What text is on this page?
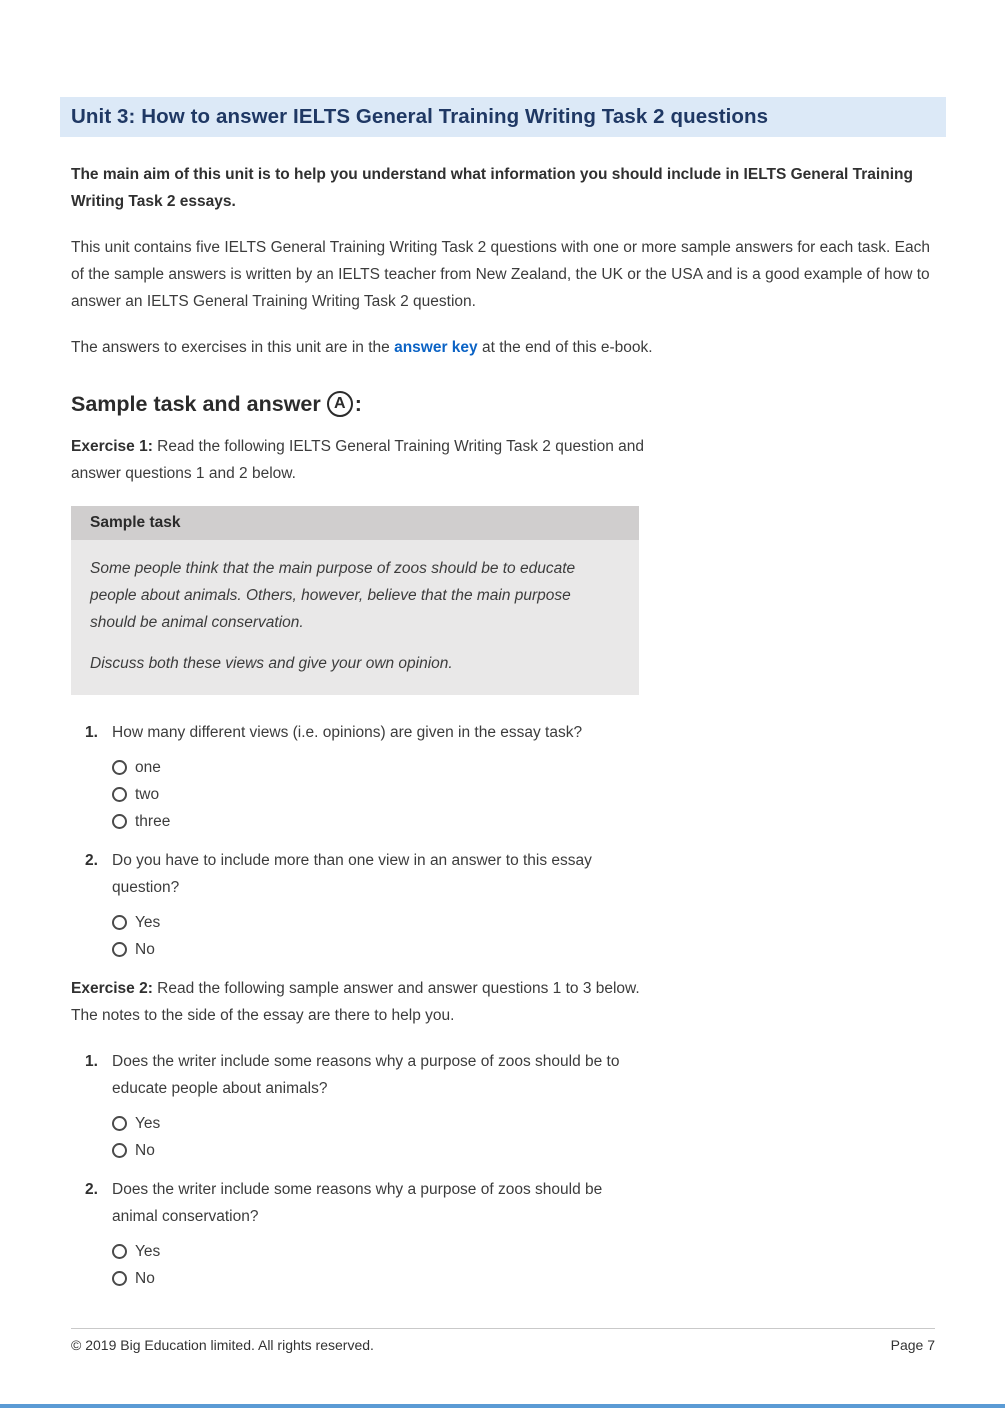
Unit 3: How to answer IELTS General Training Writing Task 2 questions

The main aim of this unit is to help you understand what information you should include in IELTS General Training Writing Task 2 essays.

This unit contains five IELTS General Training Writing Task 2 questions with one or more sample answers for each task. Each of the sample answers is written by an IELTS teacher from New Zealand, the UK or the USA and is a good example of how to answer an IELTS General Training Writing Task 2 question.

The answers to exercises in this unit are in the answer key at the end of this e-book.

Sample task and answer A :

Exercise 1: Read the following IELTS General Training Writing Task 2 question and answer questions 1 and 2 below.

Sample task
Some people think that the main purpose of zoos should be to educate people about animals. Others, however, believe that the main purpose should be animal conservation.
Discuss both these views and give your own opinion.
1. How many different views (i.e. opinions) are given in the essay task?
one
two
three
2. Do you have to include more than one view in an answer to this essay question?
Yes
No

Exercise 2: Read the following sample answer and answer questions 1 to 3 below. The notes to the side of the essay are there to help you.

1. Does the writer include some reasons why a purpose of zoos should be to educate people about animals?
Yes
No
2. Does the writer include some reasons why a purpose of zoos should be animal conservation?
Yes
No
© 2019 Big Education limited. All rights reserved.	Page 7
